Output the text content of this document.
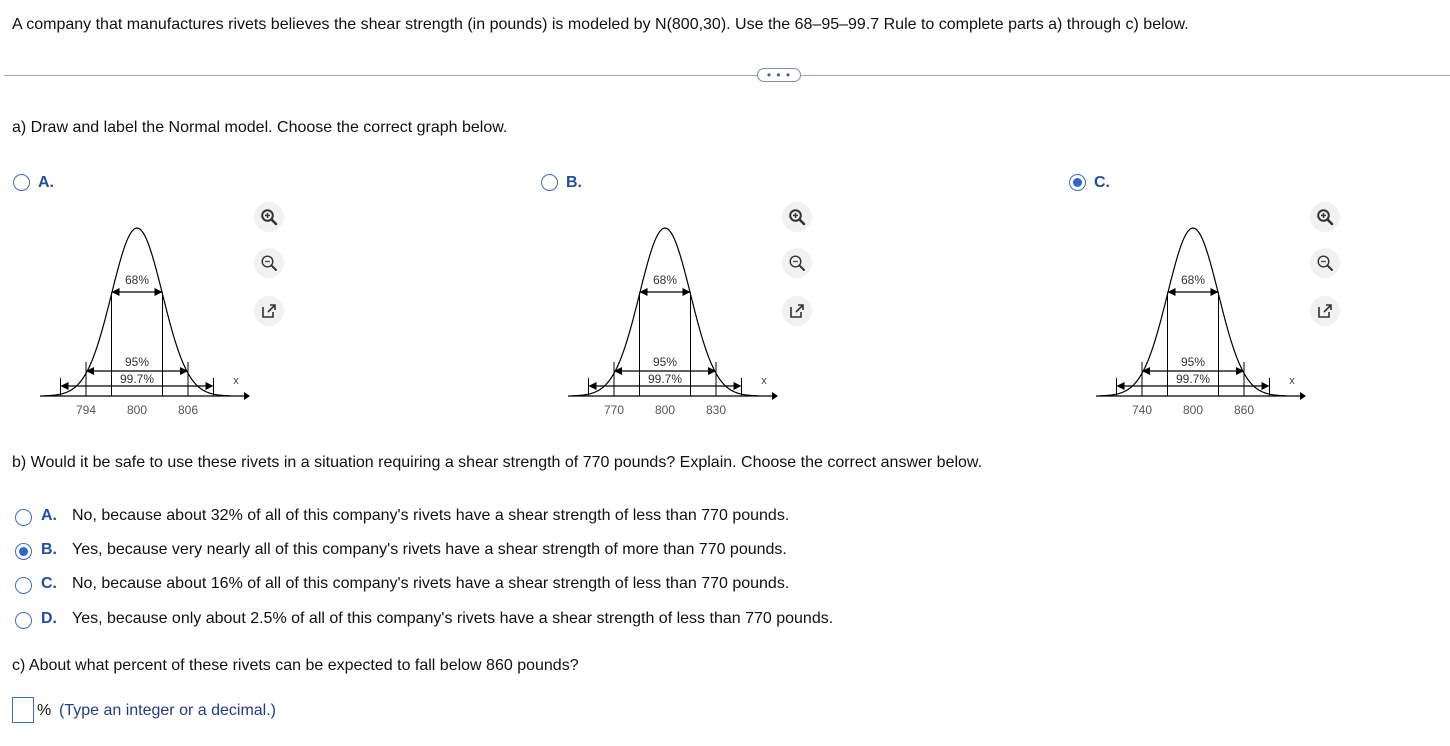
A company that manufactures rivets believes the shear strength (in pounds) is modeled by N(800,30). Use the 68–95–99.7 Rule to complete parts a) through c) below.
• • •
a) Draw and label the Normal model. Choose the correct graph below.
A.
68%
95%
99.7%	x
794	800	806
B.
68%
95%
99.7%	x
770	800	830
C.
68%
95%
99.7%	x
740	800	860
b) Would it be safe to use these rivets in a situation requiring a shear strength of 770 pounds? Explain. Choose the correct answer below.
A. No, because about 32% of all of this company's rivets have a shear strength of less than 770 pounds.
B. Yes, because very nearly all of this company's rivets have a shear strength of more than 770 pounds.
C. No, because about 16% of all of this company's rivets have a shear strength of less than 770 pounds.
D. Yes, because only about 2.5% of all of this company's rivets have a shear strength of less than 770 pounds.
c) About what percent of these rivets can be expected to fall below 860 pounds?
% (Type an integer or a decimal.)
